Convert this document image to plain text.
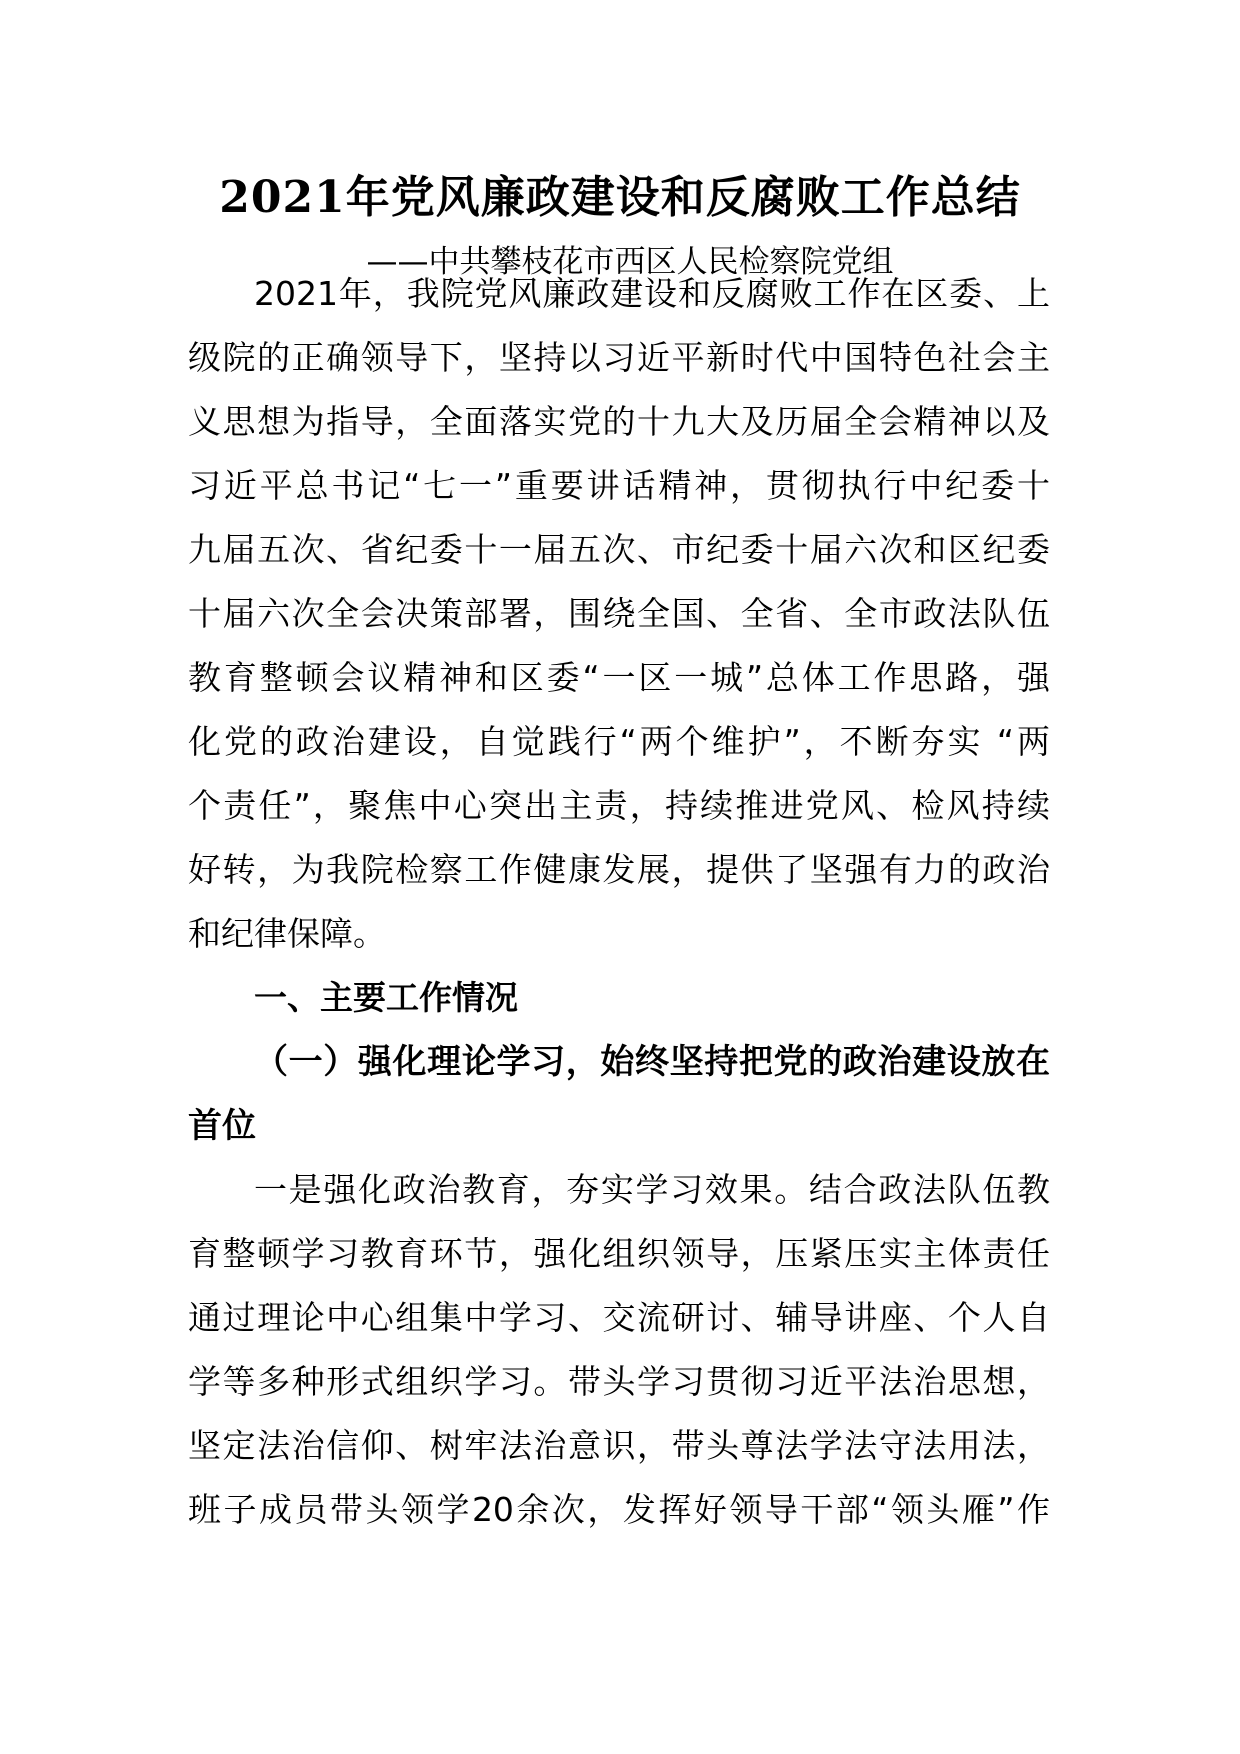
2021年党风廉政建设和反腐败工作总结
——中共攀枝花市西区人民检察院党组
2021年，我院党风廉政建设和反腐败工作在区委、上
级院的正确领导下，坚持以习近平新时代中国特色社会主
义思想为指导，全面落实党的十九大及历届全会精神以及
习近平总书记“七一”重要讲话精神，贯彻执行中纪委十
九届五次、省纪委十一届五次、市纪委十届六次和区纪委
十届六次全会决策部署，围绕全国、全省、全市政法队伍
教育整顿会议精神和区委“一区一城”总体工作思路，强
化党的政治建设，自觉践行“两个维护”，不断夯实 “两
个责任”，聚焦中心突出主责，持续推进党风、检风持续
好转，为我院检察工作健康发展，提供了坚强有力的政治
和纪律保障。
一、主要工作情况
（一）强化理论学习，始终坚持把党的政治建设放在
首位
一是强化政治教育，夯实学习效果。结合政法队伍教
育整顿学习教育环节，强化组织领导，压紧压实主体责任
通过理论中心组集中学习、交流研讨、辅导讲座、个人自
学等多种形式组织学习。带头学习贯彻习近平法治思想，
坚定法治信仰、树牢法治意识，带头尊法学法守法用法，
班子成员带头领学20余次，发挥好领导干部“领头雁”作
